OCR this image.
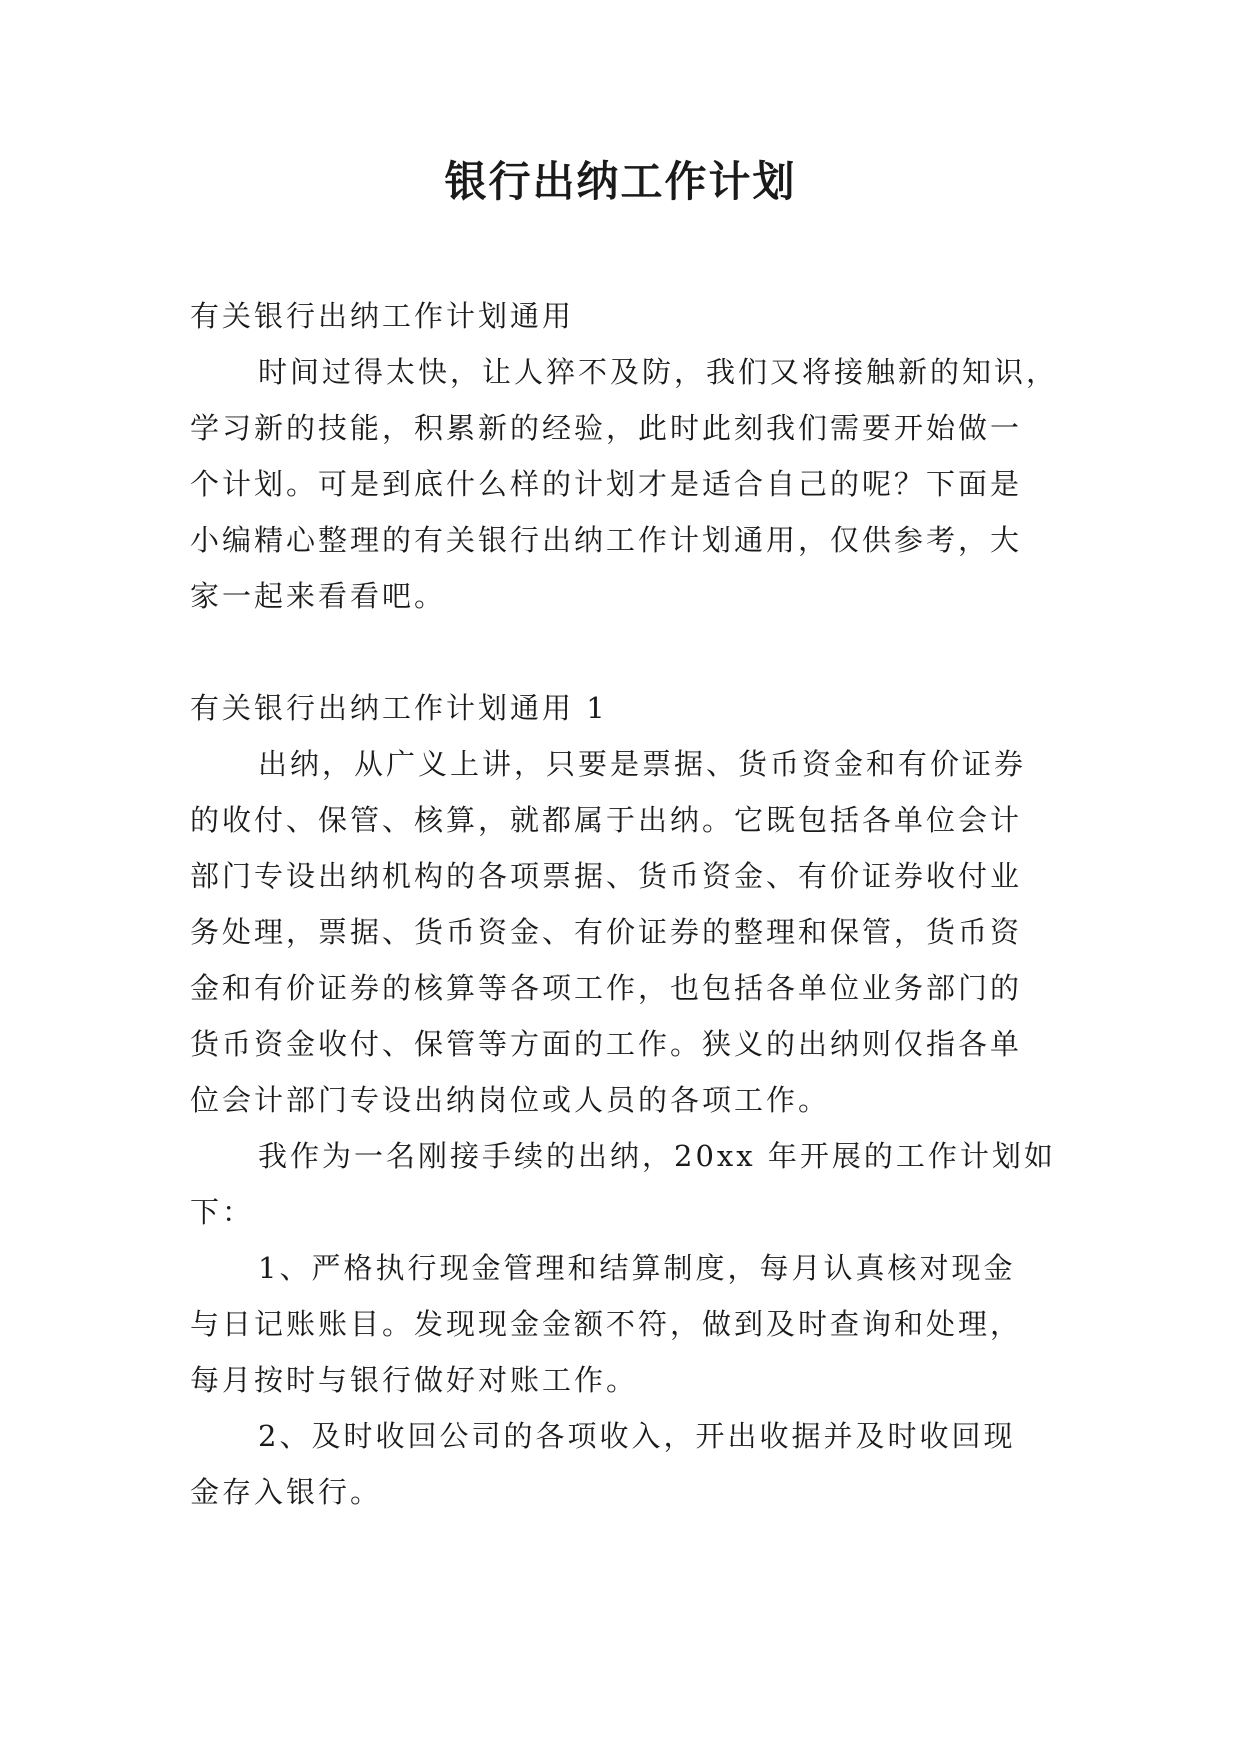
银行出纳工作计划

有关银行出纳工作计划通用

时间过得太快，让人猝不及防，我们又将接触新的知识，

学习新的技能，积累新的经验，此时此刻我们需要开始做一

个计划。可是到底什么样的计划才是适合自己的呢？下面是

小编精心整理的有关银行出纳工作计划通用，仅供参考，大

家一起来看看吧。

有关银行出纳工作计划通用 1

出纳，从广义上讲，只要是票据、货币资金和有价证券

的收付、保管、核算，就都属于出纳。它既包括各单位会计

部门专设出纳机构的各项票据、货币资金、有价证券收付业

务处理，票据、货币资金、有价证券的整理和保管，货币资

金和有价证券的核算等各项工作，也包括各单位业务部门的

货币资金收付、保管等方面的工作。狭义的出纳则仅指各单

位会计部门专设出纳岗位或人员的各项工作。

我作为一名刚接手续的出纳，20xx 年开展的工作计划如

下：

1、严格执行现金管理和结算制度，每月认真核对现金

与日记账账目。发现现金金额不符，做到及时查询和处理，

每月按时与银行做好对账工作。

2、及时收回公司的各项收入，开出收据并及时收回现

金存入银行。
